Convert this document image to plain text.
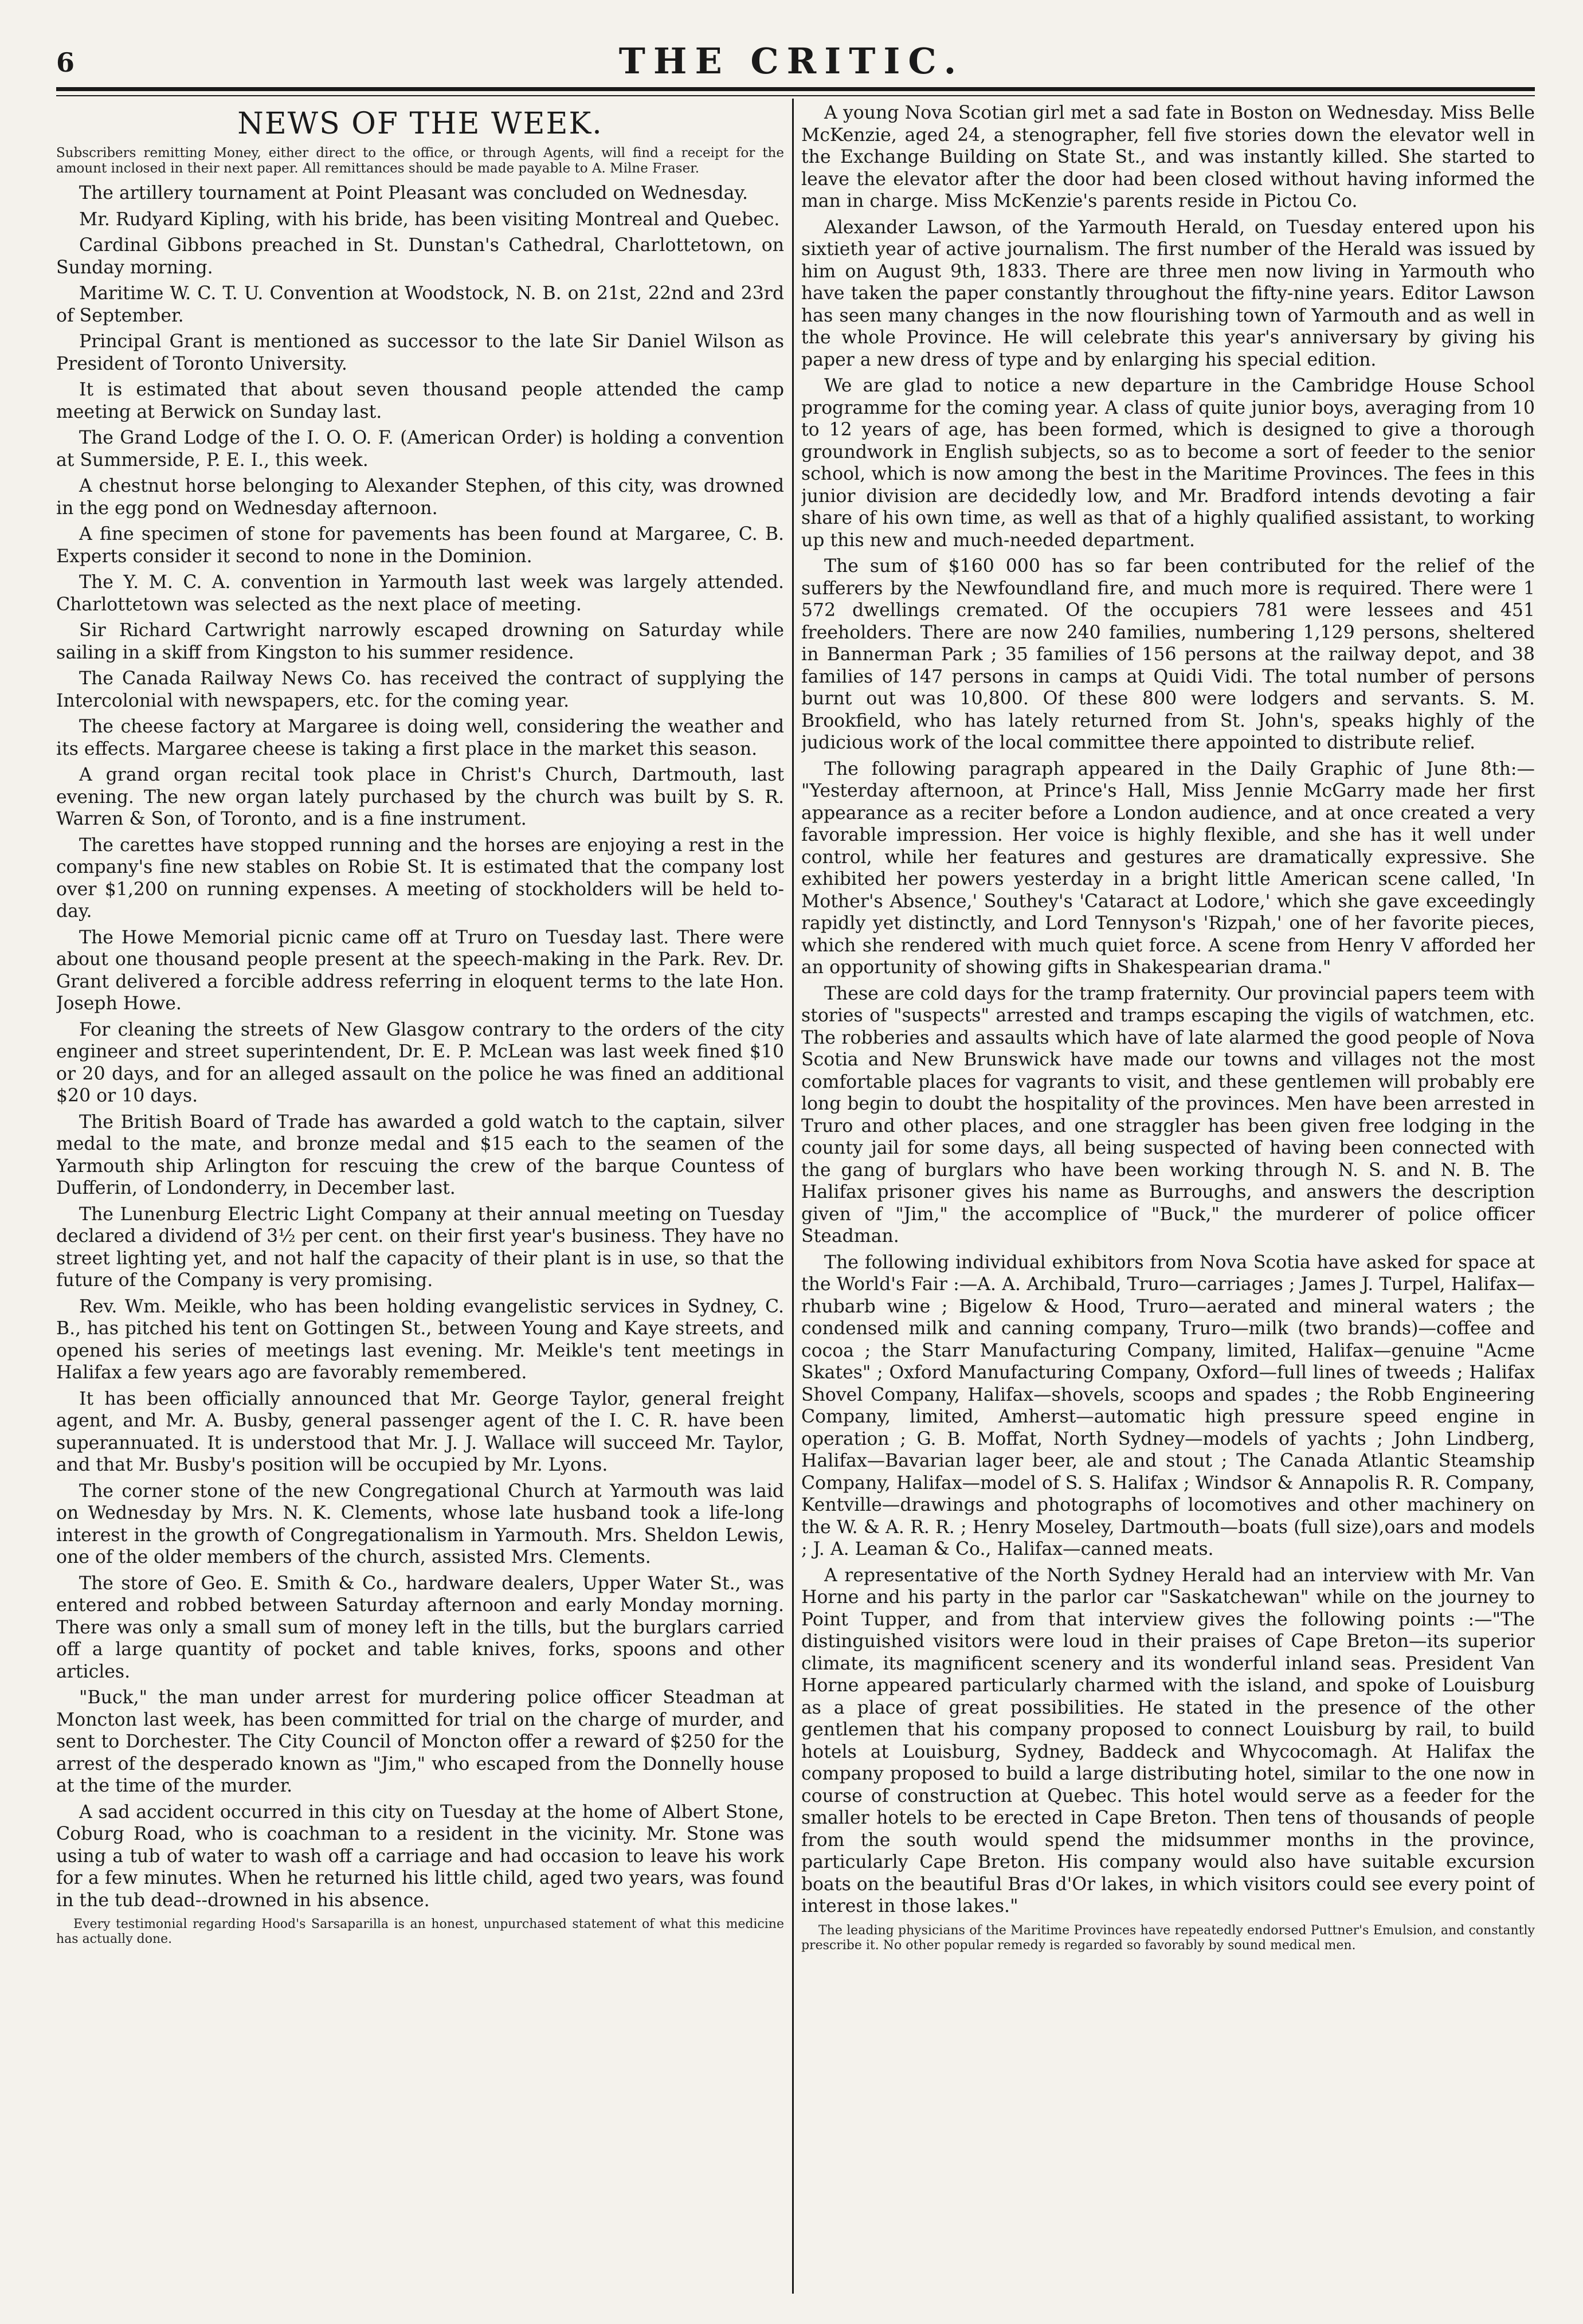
6	THE CRITIC.
NEWS OF THE WEEK.

Subscribers remitting Money, either direct to the office, or through Agents, will find a receipt for the amount inclosed in their next paper. All remittances should be made payable to A. Milne Fraser.

The artillery tournament at Point Pleasant was concluded on Wednesday.

Mr. Rudyard Kipling, with his bride, has been visiting Montreal and Quebec.

Cardinal Gibbons preached in St. Dunstan's Cathedral, Charlottetown, on Sunday morning.

Maritime W. C. T. U. Convention at Woodstock, N. B. on 21st, 22nd and 23rd of September.

Principal Grant is mentioned as successor to the late Sir Daniel Wilson as President of Toronto University.

It is estimated that about seven thousand people attended the camp meeting at Berwick on Sunday last.

The Grand Lodge of the I. O. O. F. (American Order) is holding a convention at Summerside, P. E. I., this week.

A chestnut horse belonging to Alexander Stephen, of this city, was drowned in the egg pond on Wednesday afternoon.

A fine specimen of stone for pavements has been found at Margaree, C. B. Experts consider it second to none in the Dominion.

The Y. M. C. A. convention in Yarmouth last week was largely attended. Charlottetown was selected as the next place of meeting.

Sir Richard Cartwright narrowly escaped drowning on Saturday while sailing in a skiff from Kingston to his summer residence.

The Canada Railway News Co. has received the contract of supplying the Intercolonial with newspapers, etc. for the coming year.

The cheese factory at Margaree is doing well, considering the weather and its effects. Margaree cheese is taking a first place in the market this season.

A grand organ recital took place in Christ's Church, Dartmouth, last evening. The new organ lately purchased by the church was built by S. R. Warren & Son, of Toronto, and is a fine instrument.

The carettes have stopped running and the horses are enjoying a rest in the company's fine new stables on Robie St. It is estimated that the company lost over $1,200 on running expenses. A meeting of stockholders will be held to-day.

The Howe Memorial picnic came off at Truro on Tuesday last. There were about one thousand people present at the speech-making in the Park. Rev. Dr. Grant delivered a forcible address referring in eloquent terms to the late Hon. Joseph Howe.

For cleaning the streets of New Glasgow contrary to the orders of the city engineer and street superintendent, Dr. E. P. McLean was last week fined $10 or 20 days, and for an alleged assault on the police he was fined an additional $20 or 10 days.

The British Board of Trade has awarded a gold watch to the captain, silver medal to the mate, and bronze medal and $15 each to the seamen of the Yarmouth ship Arlington for rescuing the crew of the barque Countess of Dufferin, of Londonderry, in December last.

The Lunenburg Electric Light Company at their annual meeting on Tuesday declared a dividend of 3½ per cent. on their first year's business. They have no street lighting yet, and not half the capacity of their plant is in use, so that the future of the Company is very promising.

Rev. Wm. Meikle, who has been holding evangelistic services in Sydney, C. B., has pitched his tent on Gottingen St., between Young and Kaye streets, and opened his series of meetings last evening. Mr. Meikle's tent meetings in Halifax a few years ago are favorably remembered.

It has been officially announced that Mr. George Taylor, general freight agent, and Mr. A. Busby, general passenger agent of the I. C. R. have been superannuated. It is understood that Mr. J. J. Wallace will succeed Mr. Taylor, and that Mr. Busby's position will be occupied by Mr. Lyons.

The corner stone of the new Congregational Church at Yarmouth was laid on Wednesday by Mrs. N. K. Clements, whose late husband took a life-long interest in the growth of Congregationalism in Yarmouth. Mrs. Sheldon Lewis, one of the older members of the church, assisted Mrs. Clements.

The store of Geo. E. Smith & Co., hardware dealers, Upper Water St., was entered and robbed between Saturday afternoon and early Monday morning. There was only a small sum of money left in the tills, but the burglars carried off a large quantity of pocket and table knives, forks, spoons and other articles.

"Buck," the man under arrest for murdering police officer Steadman at Moncton last week, has been committed for trial on the charge of murder, and sent to Dorchester. The City Council of Moncton offer a reward of $250 for the arrest of the desperado known as "Jim," who escaped from the Donnelly house at the time of the murder.

A sad accident occurred in this city on Tuesday at the home of Albert Stone, Coburg Road, who is coachman to a resident in the vicinity. Mr. Stone was using a tub of water to wash off a carriage and had occasion to leave his work for a few minutes. When he returned his little child, aged two years, was found in the tub dead--drowned in his absence.

Every testimonial regarding Hood's Sarsaparilla is an honest, unpurchased statement of what this medicine has actually done.

A young Nova Scotian girl met a sad fate in Boston on Wednesday. Miss Belle McKenzie, aged 24, a stenographer, fell five stories down the elevator well in the Exchange Building on State St., and was instantly killed. She started to leave the elevator after the door had been closed without having informed the man in charge. Miss McKenzie's parents reside in Pictou Co.

Alexander Lawson, of the Yarmouth Herald, on Tuesday entered upon his sixtieth year of active journalism. The first number of the Herald was issued by him on August 9th, 1833. There are three men now living in Yarmouth who have taken the paper constantly throughout the fifty-nine years. Editor Lawson has seen many changes in the now flourishing town of Yarmouth and as well in the whole Province. He will celebrate this year's anniversary by giving his paper a new dress of type and by enlarging his special edition.

We are glad to notice a new departure in the Cambridge House School programme for the coming year. A class of quite junior boys, averaging from 10 to 12 years of age, has been formed, which is designed to give a thorough groundwork in English subjects, so as to become a sort of feeder to the senior school, which is now among the best in the Maritime Provinces. The fees in this junior division are decidedly low, and Mr. Bradford intends devoting a fair share of his own time, as well as that of a highly qualified assistant, to working up this new and much-needed department.

The sum of $160 000 has so far been contributed for the relief of the sufferers by the Newfoundland fire, and much more is required. There were 1 572 dwellings cremated. Of the occupiers 781 were lessees and 451 freeholders. There are now 240 families, numbering 1,129 persons, sheltered in Bannerman Park ; 35 families of 156 persons at the railway depot, and 38 families of 147 persons in camps at Quidi Vidi. The total number of persons burnt out was 10,800. Of these 800 were lodgers and servants. S. M. Brookfield, who has lately returned from St. John's, speaks highly of the judicious work of the local committee there appointed to distribute relief.

The following paragraph appeared in the Daily Graphic of June 8th:— "Yesterday afternoon, at Prince's Hall, Miss Jennie McGarry made her first appearance as a reciter before a London audience, and at once created a very favorable impression. Her voice is highly flexible, and she has it well under control, while her features and gestures are dramatically expressive. She exhibited her powers yesterday in a bright little American scene called, 'In Mother's Absence,' Southey's 'Cataract at Lodore,' which she gave exceedingly rapidly yet distinctly, and Lord Tennyson's 'Rizpah,' one of her favorite pieces, which she rendered with much quiet force. A scene from Henry V afforded her an opportunity of showing gifts in Shakespearian drama."

These are cold days for the tramp fraternity. Our provincial papers teem with stories of "suspects" arrested and tramps escaping the vigils of watchmen, etc. The robberies and assaults which have of late alarmed the good people of Nova Scotia and New Brunswick have made our towns and villages not the most comfortable places for vagrants to visit, and these gentlemen will probably ere long begin to doubt the hospitality of the provinces. Men have been arrested in Truro and other places, and one straggler has been given free lodging in the county jail for some days, all being suspected of having been connected with the gang of burglars who have been working through N. S. and N. B. The Halifax prisoner gives his name as Burroughs, and answers the description given of "Jim," the accomplice of "Buck," the murderer of police officer Steadman.

The following individual exhibitors from Nova Scotia have asked for space at the World's Fair :—A. A. Archibald, Truro—carriages ; James J. Turpel, Halifax—rhubarb wine ; Bigelow & Hood, Truro—aerated and mineral waters ; the condensed milk and canning company, Truro—milk (two brands)—coffee and cocoa ; the Starr Manufacturing Company, limited, Halifax—genuine "Acme Skates" ; Oxford Manufacturing Company, Oxford—full lines of tweeds ; Halifax Shovel Company, Halifax—shovels, scoops and spades ; the Robb Engineering Company, limited, Amherst—automatic high pressure speed engine in operation ; G. B. Moffat, North Sydney—models of yachts ; John Lindberg, Halifax—Bavarian lager beer, ale and stout ; The Canada Atlantic Steamship Company, Halifax—model of S. S. Halifax ; Windsor & Annapolis R. R. Company, Kentville—drawings and photographs of locomotives and other machinery on the W. & A. R. R. ; Henry Moseley, Dartmouth—boats (full size),oars and models ; J. A. Leaman & Co., Halifax—canned meats.

A representative of the North Sydney Herald had an interview with Mr. Van Horne and his party in the parlor car "Saskatchewan" while on the journey to Point Tupper, and from that interview gives the following points :—"The distinguished visitors were loud in their praises of Cape Breton—its superior climate, its magnificent scenery and its wonderful inland seas. President Van Horne appeared particularly charmed with the island, and spoke of Louisburg as a place of great possibilities. He stated in the presence of the other gentlemen that his company proposed to connect Louisburg by rail, to build hotels at Louisburg, Sydney, Baddeck and Whycocomagh. At Halifax the company proposed to build a large distributing hotel, similar to the one now in course of construction at Quebec. This hotel would serve as a feeder for the smaller hotels to be erected in Cape Breton. Then tens of thousands of people from the south would spend the midsummer months in the province, particularly Cape Breton. His company would also have suitable excursion boats on the beautiful Bras d'Or lakes, in which visitors could see every point of interest in those lakes."

The leading physicians of the Maritime Provinces have repeatedly endorsed Puttner's Emulsion, and constantly prescribe it. No other popular remedy is regarded so favorably by sound medical men.
